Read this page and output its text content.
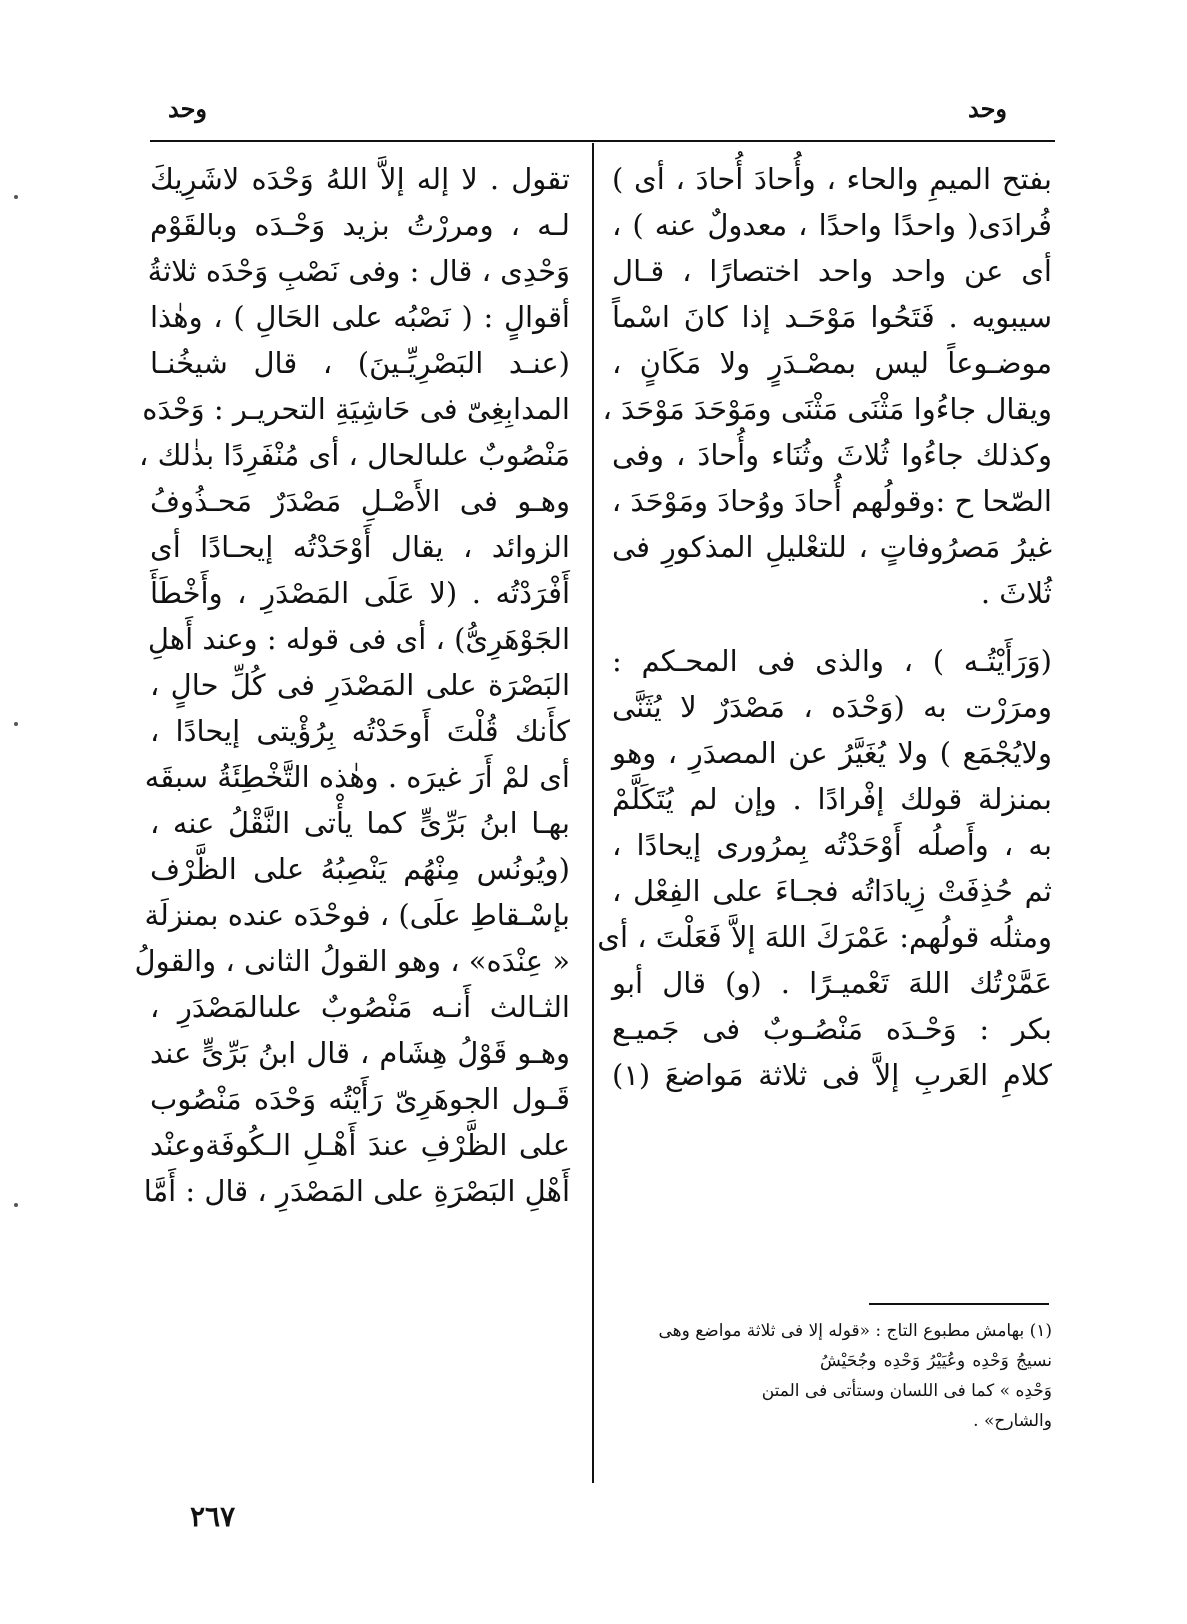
وحد	وحد
بفتح الميمِ والحاء ، وأُحادَ أُحادَ ، أى )
فُرادَى( واحدًا واحدًا ، معدولٌ عنه ) ،
أى عن واحد واحد اختصارًا ، قـال
سيبويه . فَتَحُوا مَوْحَـد إذا كانَ اسْماً
موضـوعاً ليس بمصْـدَرٍ ولا مَكَانٍ ،
ويقال جاءُوا مَثْنَى مَثْنَى ومَوْحَدَ مَوْحَدَ ،
وكذلك جاءُوا ثُلاثَ وثُنَاء وأُحادَ ، وفى
الصّحا ح :وقولُهم أُحادَ ووُحادَ ومَوْحَدَ ،
غيرُ مَصرُوفاتٍ ، للتعْليلِ المذكورِ فى
ثُلاثَ .
(وَرَأَيْتُـه ) ، والذى فى المحـكم :
ومرَرْت به (وَحْدَه ، مَصْدَرٌ لا يُثَنَّى
ولايُجْمَع ) ولا يُغَيَّرُ عن المصدَرِ ، وهو
بمنزلة قولك إفْرادًا . وإن لم يُتَكَلَّمْ
به ، وأَصلُه أَوْحَدْتُه بِمرُورى إيحادًا ،
ثم حُذِفَتْ زِيادَاتُه فجـاءَ على الفِعْل ،
ومثلُه قولُهم: عَمْرَكَ اللهَ إلاَّ فَعَلْتَ ، أى
عَمَّرْتُك اللهَ تَعْميـرًا . (و) قال أبو
بكر : وَحْـدَه مَنْصُـوبٌ فى جَميـع
كلامِ العَربِ إلاَّ فى ثلاثة مَواضعَ (١)
تقول . لا إله إلاَّ اللهُ وَحْدَه لاشَرِيكَ
لـه ، ومررْتُ بزيد وَحْـدَه وبالقَوْم
وَحْدِى ، قال : وفى نَصْبِ وَحْدَه ثلاثةُ
أقوالٍ : ( نَصْبُه على الحَالِ ) ، وهٰذا
(عنـد البَصْرِيِّـينَ) ، قال شيخُنـا
المدابِغِىّ فى حَاشِيَةِ التحريـر : وَحْدَه
مَنْصُوبٌ علىالحال ، أى مُنْفَرِدًا بذٰلك ،
وهـو فى الأَصْـلِ مَصْدَرٌ مَحـذُوفُ
الزوائد ، يقال أَوْحَدْتُه إيحـادًا أى
أَفْرَدْتُه . (لا عَلَى المَصْدَرِ ، وأَخْطَأَ
الجَوْهَرِىُّ) ، أى فى قوله : وعند أَهلِ
البَصْرَة على المَصْدَرِ فى كُلِّ حالٍ ،
كأَنك قُلْتَ أَوحَدْتُه بِرُؤْيتى إيحادًا ،
أى لمْ أَرَ غيرَه . وهٰذه التَّخْطِئَةُ سبقَه
بهـا ابنُ بَرِّىٍّ كما يأْتى النَّقْلُ عنه ،
(ويُونُس مِنْهُم يَنْصِبُهُ على الظَّرْف
بإسْـقاطِ علَى) ، فوحْدَه عنده بمنزلَة
« عِنْدَه» ، وهو القولُ الثانى ، والقولُ
الثـالث أَنـه مَنْصُوبٌ علىالمَصْدَرِ ،
وهـو قَوْلُ هِشَام ، قال ابنُ بَرِّىٍّ عند
قَـول الجوهَرِىّ رَأَيْتُه وَحْدَه مَنْصُوب
على الظَّرْفِ عندَ أَهْـلِ الـكُوفَةوعنْد
أَهْلِ البَصْرَةِ على المَصْدَرِ ، قال : أَمَّا
(١) بهامش مطبوع التاج : «قوله إلا فى ثلاثة مواضع وهى
نسيجُ وَحْدِه وعُيَيْرُ وَحْدِه وجُحَيْشُ
وَحْدِه » كما فى اللسان وستأتى فى المتن
والشارح» .
٢٦٧
